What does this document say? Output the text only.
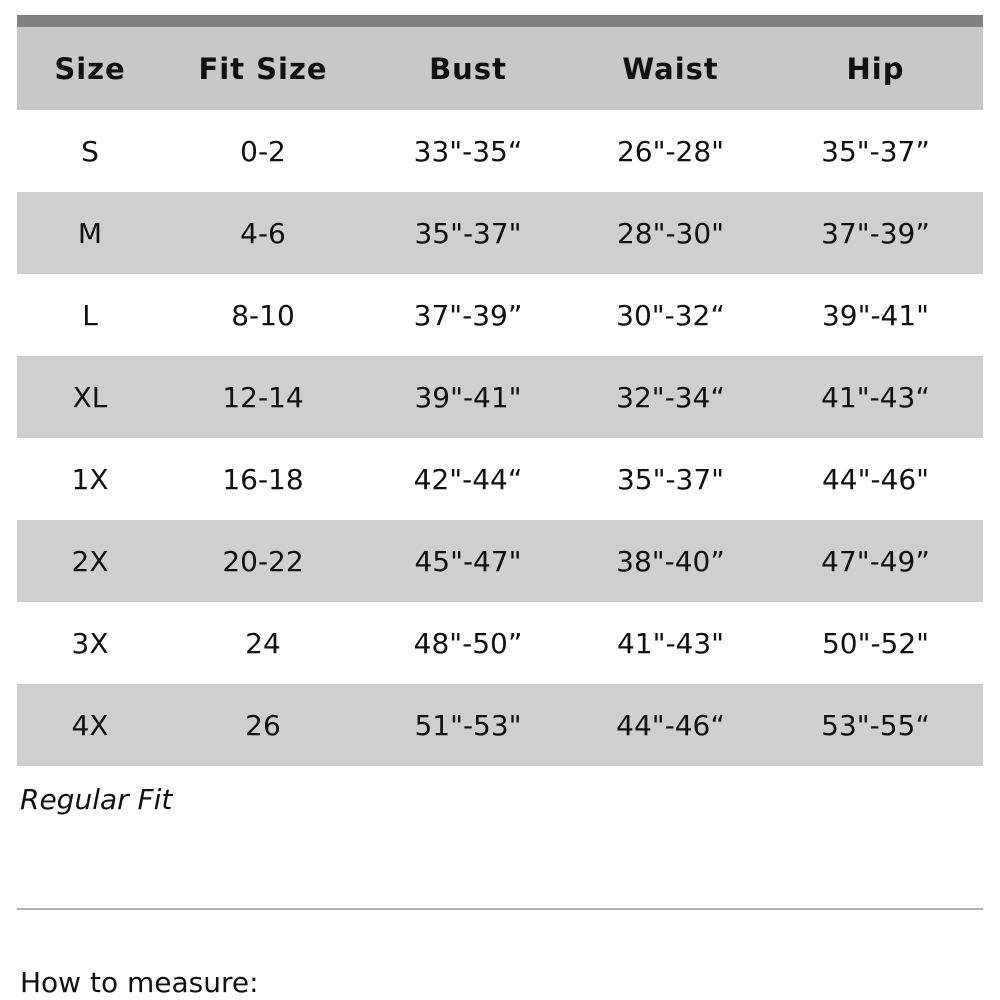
Size	Fit Size	Bust	Waist	Hip
S	0-2	33"-35“	26"-28"	35"-37”
M	4-6	35"-37"	28"-30"	37"-39”
L	8-10	37"-39”	30"-32“	39"-41"
XL	12-14	39"-41"	32"-34“	41"-43“
1X	16-18	42"-44“	35"-37"	44"-46"
2X	20-22	45"-47"	38"-40”	47"-49”
3X	24	48"-50”	41"-43"	50"-52"
4X	26	51"-53"	44"-46“	53"-55“
Regular Fit
How to measure:
